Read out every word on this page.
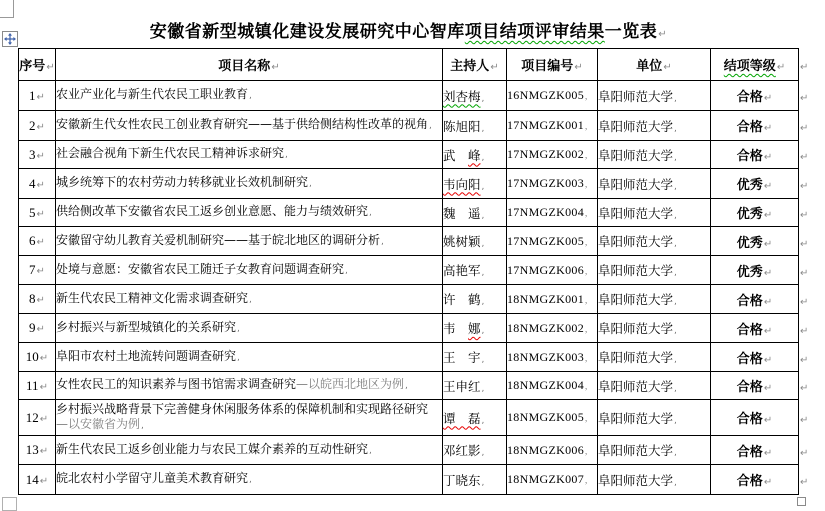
安徽省新型城镇化建设发展研究中心智库项目结项评审结果一览表↵
序号↵	项目名称↵	主持人↵	项目编号↵	单位↵	结项等级↵	↵
1↵	农业产业化与新生代农民工职业教育,	刘杏梅,	16NMGZK005,	阜阳师范大学,	合格↵	↵
2↵	安徽新生代女性农民工创业教育研究——基于供给侧结构性改革的视角,	陈旭阳,	17NMGZK001,	阜阳师范大学,	合格↵	↵
3↵	社会融合视角下新生代农民工精神诉求研究,	武　峰,	17NMGZK002,	阜阳师范大学,	合格↵	↵
4↵	城乡统筹下的农村劳动力转移就业长效机制研究,	韦向阳,	17NMGZK003,	阜阳师范大学,	优秀↵	↵
5↵	供给侧改革下安徽省农民工返乡创业意愿、能力与绩效研究,	魏　遥,	17NMGZK004,	阜阳师范大学,	优秀↵	↵
6↵	安徽留守幼儿教育关爱机制研究——基于皖北地区的调研分析,	姚树颖,	17NMGZK005,	阜阳师范大学,	优秀↵	↵
7↵	处境与意愿：安徽省农民工随迁子女教育问题调查研究,	高艳军,	17NMGZK006,	阜阳师范大学,	优秀↵	↵
8↵	新生代农民工精神文化需求调查研究,	许　鹤,	18NMGZK001,	阜阳师范大学,	合格↵	↵
9↵	乡村振兴与新型城镇化的关系研究,	韦　娜,	18NMGZK002,	阜阳师范大学,	合格↵	↵
10↵	阜阳市农村土地流转问题调查研究,	王　宇,	18NMGZK003,	阜阳师范大学,	合格↵	↵
11↵	女性农民工的知识素养与图书馆需求调查研究—以皖西北地区为例,	王申红,	18NMGZK004,	阜阳师范大学,	合格↵	↵
12↵	乡村振兴战略背景下完善健身休闲服务体系的保障机制和实现路径研究
—以安徽省为例,	谭　磊,	18NMGZK005,	阜阳师范大学,	合格↵	↵
13↵	新生代农民工返乡创业能力与农民工媒介素养的互动性研究,	邓红影,	18NMGZK006,	阜阳师范大学,	合格↵	↵
14↵	皖北农村小学留守儿童美术教育研究,	丁晓东,	18NMGZK007,	阜阳师范大学,	合格↵	↵
